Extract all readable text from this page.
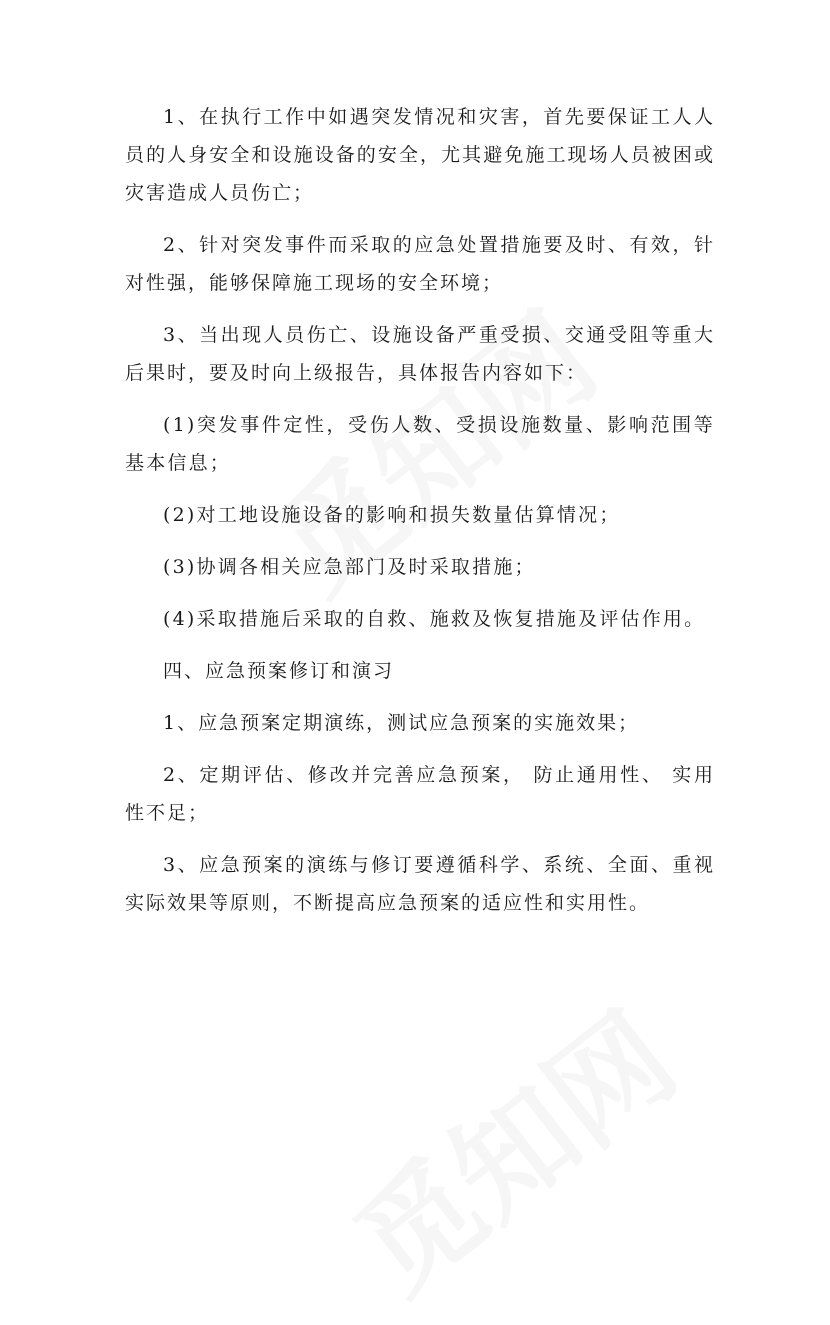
1、在执行工作中如遇突发情况和灾害，首先要保证工人人员的人身安全和设施设备的安全，尤其避免施工现场人员被困或灾害造成人员伤亡；

2、针对突发事件而采取的应急处置措施要及时、有效，针对性强，能够保障施工现场的安全环境；

3、当出现人员伤亡、设施设备严重受损、交通受阻等重大后果时，要及时向上级报告，具体报告内容如下：

(1)突发事件定性，受伤人数、受损设施数量、影响范围等基本信息；

(2)对工地设施设备的影响和损失数量估算情况；

(3)协调各相关应急部门及时采取措施；

(4)采取措施后采取的自救、施救及恢复措施及评估作用。

四、应急预案修订和演习

1、应急预案定期演练，测试应急预案的实施效果；

2、定期评估、修改并完善应急预案， 防止通用性、 实用性不足；

3、应急预案的演练与修订要遵循科学、系统、全面、重视实际效果等原则，不断提高应急预案的适应性和实用性。
